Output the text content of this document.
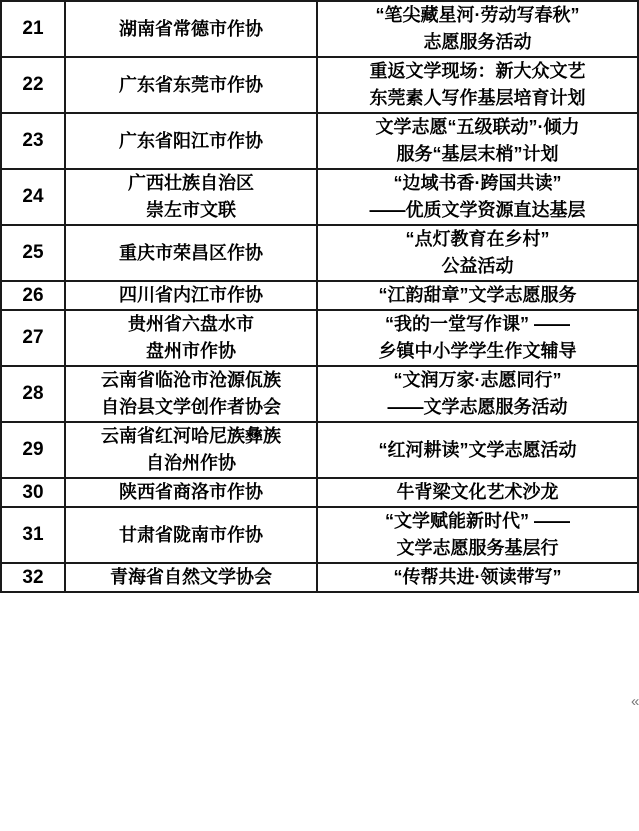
21	湖南省常德市作协	“笔尖藏星河·劳动写春秋”
志愿服务活动

22	广东省东莞市作协	重返文学现场：新大众文艺
东莞素人写作基层培育计划

23	广东省阳江市作协	文学志愿“五级联动”·倾力
服务“基层末梢”计划

24	广西壮族自治区
崇左市文联	“边域书香·跨国共读”
——优质文学资源直达基层

25	重庆市荣昌区作协	“点灯教育在乡村”
公益活动

26	四川省内江市作协	“江韵甜章”文学志愿服务

27	贵州省六盘水市
盘州市作协	“我的一堂写作课” ——
乡镇中小学学生作文辅导

28	云南省临沧市沧源佤族
自治县文学创作者协会	“文润万家·志愿同行”
——文学志愿服务活动

29	云南省红河哈尼族彝族
自治州作协	“红河耕读”文学志愿活动

30	陕西省商洛市作协	牛背梁文化艺术沙龙

31	甘肃省陇南市作协	“文学赋能新时代” ——
文学志愿服务基层行

32	青海省自然文学协会	“传帮共进·领读带写”
«
